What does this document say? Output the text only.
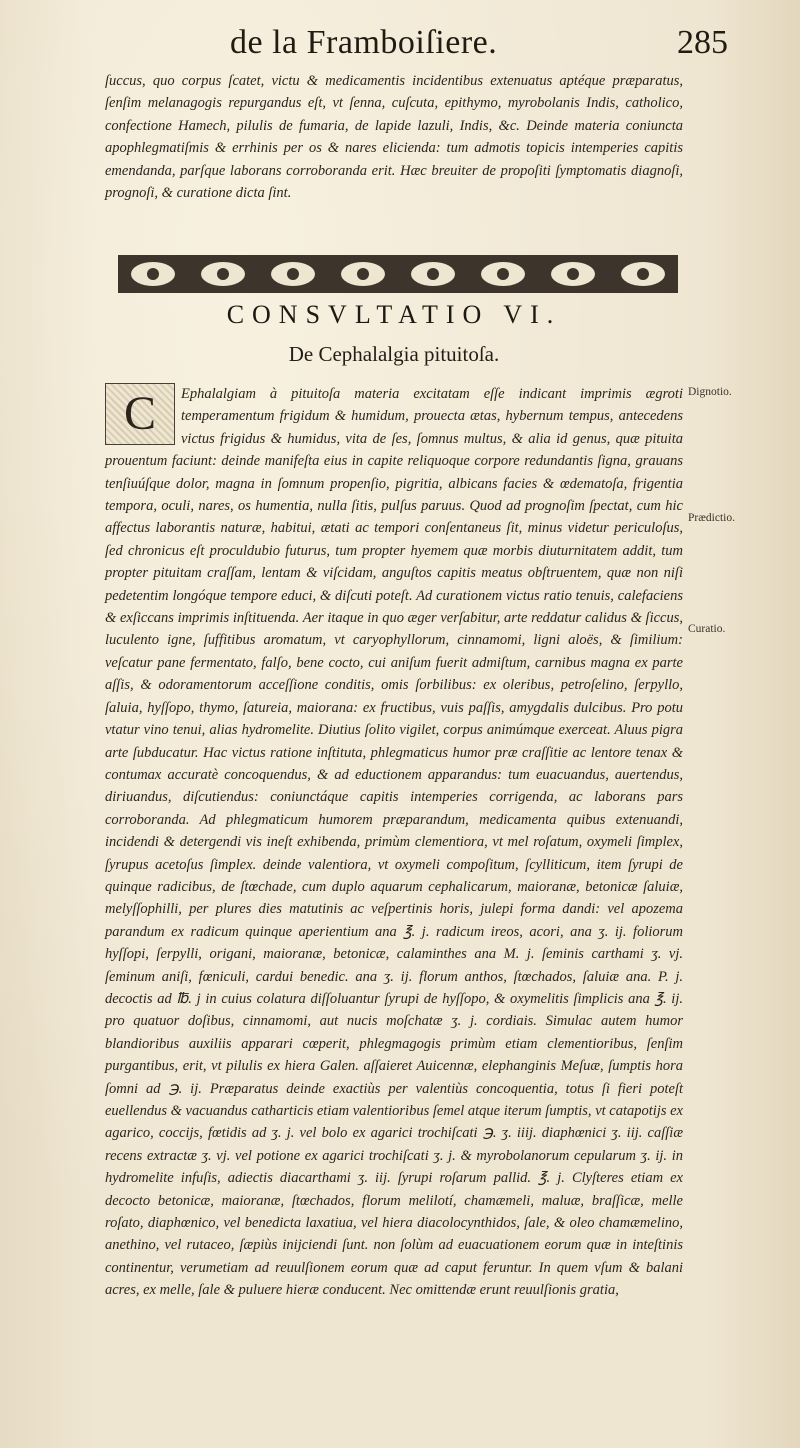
de la Framboiſiere.	285
ſuccus, quo corpus ſcatet, victu & medicamentis incidentibus extenuatus aptéque præparatus, ſenſim melanagogis repurgandus eſt, vt ſenna, cuſcuta, epithymo, myrobolanis Indis, catholico, confectione Hamech, pilulis de fumaria, de lapide lazuli, Indis, &c. Deinde materia coniuncta apophlegmatiſmis & errhinis per os & nares elicienda: tum admotis topicis intemperies capitis emendanda, parſque laborans corroboranda erit. Hæc breuiter de propoſiti ſymptomatis diagnoſi, prognoſi, & curatione dicta ſint.
CONSVLTATIO VI.
De Cephalalgia pituitoſa.
C Ephalalgiam à pituitoſa materia excitatam eſſe indicant imprimis ægroti temperamentum frigidum & humidum, prouecta ætas, hybernum tempus, antecedens victus frigidus & humidus, vita de ſes, ſomnus multus, & alia id genus, quæ pituita prouentum faciunt: deinde manifeſta eius in capite reliquoque corpore redundantis ſigna, grauans tenſiuúſque dolor, magna in ſomnum propenſio, pigritia, albicans facies & œdematoſa, frigentia tempora, oculi, nares, os humentia, nulla ſitis, pulſus paruus. Quod ad prognoſim ſpectat, cum hic affectus laborantis naturæ, habitui, ætati ac tempori conſentaneus ſit, minus videtur periculoſus, ſed chronicus eſt proculdubio futurus, tum propter hyemem quæ morbis diuturnitatem addit, tum propter pituitam craſſam, lentam & viſcidam, anguſtos capitis meatus obſtruentem, quæ non niſi pedetentim longóque tempore educi, & diſcuti poteſt. Ad curationem victus ratio tenuis, calefaciens & exſiccans imprimis inſtituenda. Aer itaque in quo æger verſabitur, arte reddatur calidus & ſiccus, luculento igne, ſuffitibus aromatum, vt caryophyllorum, cinnamomi, ligni aloës, & ſimilium: veſcatur pane fermentato, falſo, bene cocto, cui aniſum fuerit admiſtum, carnibus magna ex parte aſſis, & odoramentorum acceſſione conditis, omis ſorbilibus: ex oleribus, petroſelino, ſerpyllo, ſaluia, hyſſopo, thymo, ſatureia, maiorana: ex fructibus, vuis paſſis, amygdalis dulcibus. Pro potu vtatur vino tenui, alias hydromelite. Diutius ſolito vigilet, corpus animúmque exerceat. Aluus pigra arte ſubducatur. Hac victus ratione inſtituta, phlegmaticus humor præ craſſitie ac lentore tenax & contumax accuratè concoquendus, & ad eductionem apparandus: tum euacuandus, auertendus, diriuandus, diſcutiendus: coniunctáque capitis intemperies corrigenda, ac laborans pars corroboranda. Ad phlegmaticum humorem præparandum, medicamenta quibus extenuandi, incidendi & detergendi vis ineſt exhibenda, primùm clementiora, vt mel roſatum, oxymeli ſimplex, ſyrupus acetoſus ſimplex. deinde valentiora, vt oxymeli compoſitum, ſcylliticum, item ſyrupi de quinque radicibus, de ſtœchade, cum duplo aquarum cephalicarum, maioranæ, betonicæ ſaluiæ, melyſſophilli, per plures dies matutinis ac veſpertinis horis, julepi forma dandi: vel apozema parandum ex radicum quinque aperientium ana ℥. j. radicum ireos, acori, ana ʒ. ij. foliorum hyſſopi, ſerpylli, origani, maioranæ, betonicæ, calaminthes ana M. j. ſeminis carthami ʒ. vj. ſeminum aniſi, fœniculi, cardui benedic. ana ʒ. ij. florum anthos, ſtœchados, ſaluiæ ana. P. j. decoctis ad ℔. j in cuius colatura diſſoluantur ſyrupi de hyſſopo, & oxymelitis ſimplicis ana ℥. ij. pro quatuor doſibus, cinnamomi, aut nucis moſchatæ ʒ. j. cordiais. Simulac autem humor blandioribus auxiliis apparari cœperit, phlegmagogis primùm etiam clementioribus, ſenſim purgantibus, erit, vt pilulis ex hiera Galen. aſſaieret Auicennæ, elephanginis Meſuæ, ſumptis hora ſomni ad ℈. ij. Præparatus deinde exactiùs per valentiùs concoquentia, totus ſi fieri poteſt euellendus & vacuandus catharticis etiam valentioribus ſemel atque iterum ſumptis, vt catapotijs ex agarico, coccijs, fœtidis ad ʒ. j. vel bolo ex agarici trochiſcati ℈. ʒ. iiij. diaphœnici ʒ. iij. caſſiæ recens extractæ ʒ. vj. vel potione ex agarici trochiſcati ʒ. j. & myrobolanorum cepularum ʒ. ij. in hydromelite infuſis, adiectis diacarthami ʒ. iij. ſyrupi roſarum pallid. ℥. j. Clyſteres etiam ex decocto betonicæ, maioranæ, ſtœchados, florum melilotí, chamæmeli, maluæ, braſſicæ, melle roſato, diaphœnico, vel benedicta laxatiua, vel hiera diacolocynthidos, ſale, & oleo chamæmelino, anethino, vel rutaceo, ſæpiùs inijciendi ſunt. non ſolùm ad euacuationem eorum quæ in inteſtinis continentur, verumetiam ad reuulſionem eorum quæ ad caput feruntur. In quem vſum & balani acres, ex melle, ſale & puluere hieræ conducent. Nec omittendæ erunt reuulſionis gratia,
Dignotio.
Prædictio.
Curatio.
